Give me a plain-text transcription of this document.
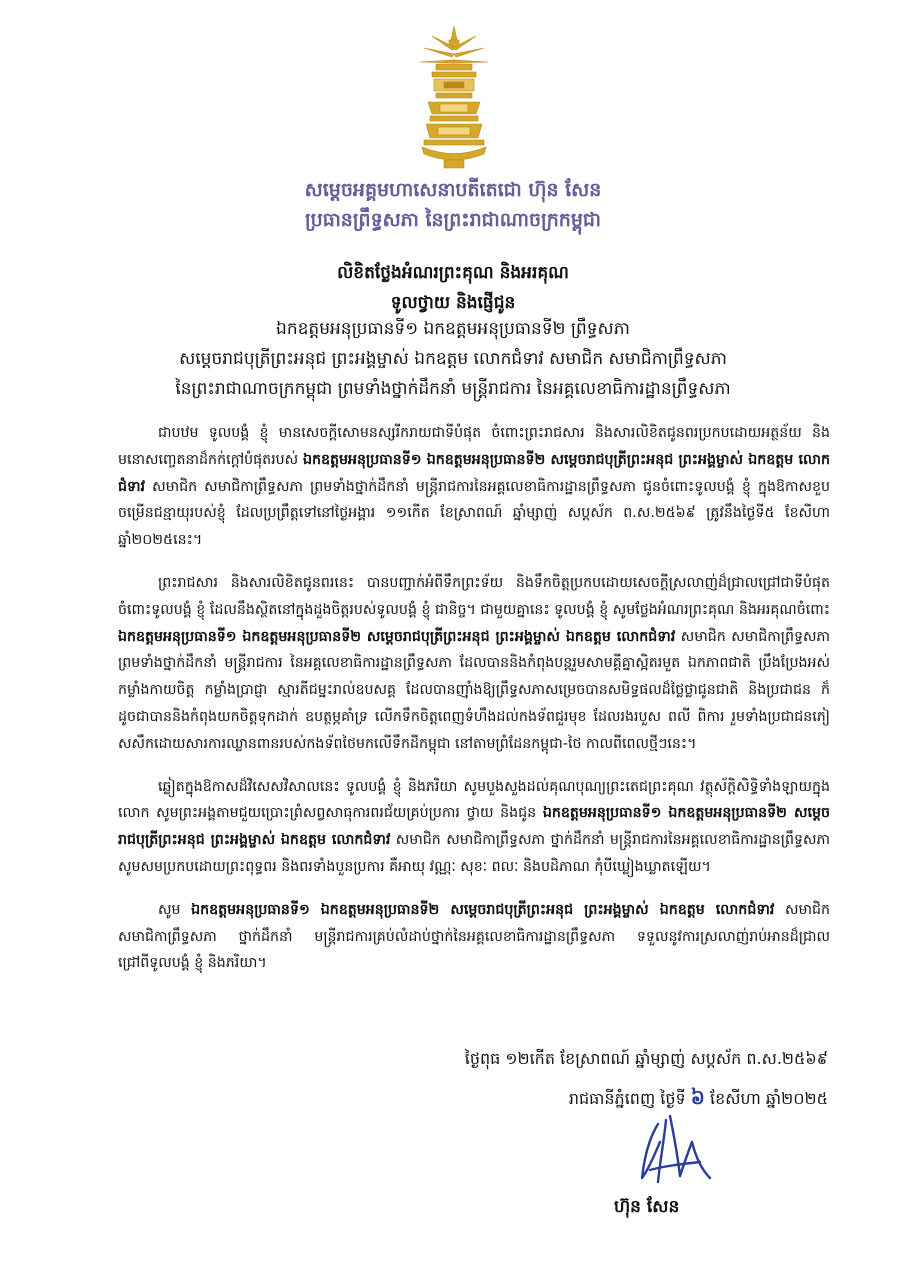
សម្ដេចអគ្គមហាសេនាបតីតេជោ ហ៊ុន សែន
ប្រធានព្រឹទ្ធសភា នៃព្រះរាជាណាចក្រកម្ពុជា
លិខិតថ្លែងអំណរព្រះគុណ និងអរគុណ
ទូលថ្វាយ និងផ្ញើជូន
ឯកឧត្តមអនុប្រធានទី១ ឯកឧត្តមអនុប្រធានទី២ ព្រឹទ្ធសភា
សម្ដេចរាជបុត្រីព្រះអនុជ ព្រះអង្គម្ចាស់ ឯកឧត្តម លោកជំទាវ សមាជិក សមាជិកាព្រឹទ្ធសភា
នៃព្រះរាជាណាចក្រកម្ពុជា ព្រមទាំងថ្នាក់ដឹកនាំ មន្ត្រីរាជការ នៃអគ្គលេខាធិការដ្ឋានព្រឹទ្ធសភា

ជាបឋម ទូលបង្គំ ខ្ញុំ មានសេចក្ដីសោមនស្សរីករាយជាទីបំផុត ចំពោះព្រះរាជសារ និងសារលិខិតជូនពរប្រកបដោយអត្ថន័យ និងមនោសញ្ចេតនាដ៏កក់ក្ដៅបំផុតរបស់ ឯកឧត្តមអនុប្រធានទី១ ឯកឧត្តមអនុប្រធានទី២ សម្ដេចរាជបុត្រីព្រះអនុជ ព្រះអង្គម្ចាស់ ឯកឧត្តម លោកជំទាវ សមាជិក សមាជិកាព្រឹទ្ធសភា ព្រមទាំងថ្នាក់ដឹកនាំ មន្ត្រីរាជការនៃអគ្គលេខាធិការដ្ឋានព្រឹទ្ធសភា ជូនចំពោះទូលបង្គំ ខ្ញុំ ក្នុងឱកាសខួបចម្រើនជន្មាយុរបស់ខ្ញុំ ដែលប្រព្រឹត្តទៅនៅថ្ងៃអង្គារ ១១កើត ខែស្រាពណ៍ ឆ្នាំម្សាញ់ សប្តស័ក ព.ស.២៥៦៩ ត្រូវនឹងថ្ងៃទី៥ ខែសីហា ឆ្នាំ២០២៥នេះ។

ព្រះរាជសារ និងសារលិខិតជូនពរនេះ បានបញ្ជាក់អំពីទឹកព្រះទ័យ និងទឹកចិត្តប្រកបដោយសេចក្ដីស្រលាញ់ដ៏ជ្រាលជ្រៅជាទីបំផុតចំពោះទូលបង្គំ ខ្ញុំ ដែលនឹងស្ថិតនៅក្នុងដួងចិត្តរបស់ទូលបង្គំ ខ្ញុំ ជានិច្ច។ ជាមួយគ្នានេះ ទូលបង្គំ ខ្ញុំ សូមថ្លែងអំណរព្រះគុណ និងអរគុណចំពោះ ឯកឧត្តមអនុប្រធានទី១ ឯកឧត្តមអនុប្រធានទី២ សម្ដេចរាជបុត្រីព្រះអនុជ ព្រះអង្គម្ចាស់ ឯកឧត្តម លោកជំទាវ សមាជិក សមាជិកាព្រឹទ្ធសភា ព្រមទាំងថ្នាក់ដឹកនាំ មន្ត្រីរាជការ នៃអគ្គលេខាធិការដ្ឋានព្រឹទ្ធសភា ដែលបាននិងកំពុងបន្តរួមសាមគ្គីគ្នាស្អិតរមួត ឯកភាពជាតិ ប្រឹងប្រែងអស់កម្លាំងកាយចិត្ត កម្លាំងប្រាជ្ញា ស្មារតីជម្នះរាល់ឧបសគ្គ ដែលបានញ៉ាំងឱ្យព្រឹទ្ធសភាសម្រេចបានសមិទ្ធផលដ៏ថ្លៃថ្លាជូនជាតិ និងប្រជាជន ក៏ដូចជាបាននិងកំពុងយកចិត្តទុកដាក់ ឧបត្ថម្ភគាំទ្រ លើកទឹកចិត្តពេញទំហឹងដល់កងទ័ពជួរមុខ ដែលរងរបួស ពលី ពិការ រួមទាំងប្រជាជនភៀសសឹកដោយសារការឈ្លានពានរបស់កងទ័ពថៃមកលើទឹកដីកម្ពុជា នៅតាមព្រំដែនកម្ពុជា-ថៃ កាលពីពេលថ្មីៗនេះ។

ឆ្លៀតក្នុងឱកាសដ៏វិសេសវិសាលនេះ ទូលបង្គំ ខ្ញុំ និងភរិយា សូមបួងសួងដល់គុណបុណ្យព្រះតេជព្រះគុណ វត្ថុស័ក្តិសិទ្ធិទាំងឡាយក្នុងលោក សូមព្រះអង្គតាមជួយប្រោះព្រំសព្វសាធុការពរជ័យគ្រប់ប្រការ ថ្វាយ និងជូន ឯកឧត្តមអនុប្រធានទី១ ឯកឧត្តមអនុប្រធានទី២ សម្ដេចរាជបុត្រីព្រះអនុជ ព្រះអង្គម្ចាស់ ឯកឧត្តម លោកជំទាវ សមាជិក សមាជិកាព្រឹទ្ធសភា ថ្នាក់ដឹកនាំ មន្ត្រីរាជការនៃអគ្គលេខាធិការដ្ឋានព្រឹទ្ធសភា សូមសមប្រកបដោយព្រះពុទ្ធពរ និងពរទាំងបួនប្រការ គឺអាយុ វណ្ណៈ សុខៈ ពលៈ និងបដិភាណ កុំបីឃ្លៀងឃ្លាតឡើយ។

សូម ឯកឧត្តមអនុប្រធានទី១ ឯកឧត្តមអនុប្រធានទី២ សម្ដេចរាជបុត្រីព្រះអនុជ ព្រះអង្គម្ចាស់ ឯកឧត្តម លោកជំទាវ សមាជិក សមាជិកាព្រឹទ្ធសភា ថ្នាក់ដឹកនាំ មន្ត្រីរាជការគ្រប់លំដាប់ថ្នាក់នៃអគ្គលេខាធិការដ្ឋានព្រឹទ្ធសភា ទទួលនូវការស្រលាញ់រាប់អានដ៏ជ្រាលជ្រៅពីទូលបង្គំ ខ្ញុំ និងភរិយា។

ថ្ងៃពុធ ១២កើត ខែស្រាពណ៍ ឆ្នាំម្សាញ់ សប្តស័ក ព.ស.២៥៦៩
រាជធានីភ្នំពេញ ថ្ងៃទី ៦ ខែសីហា ឆ្នាំ២០២៥
ហ៊ុន សែន
